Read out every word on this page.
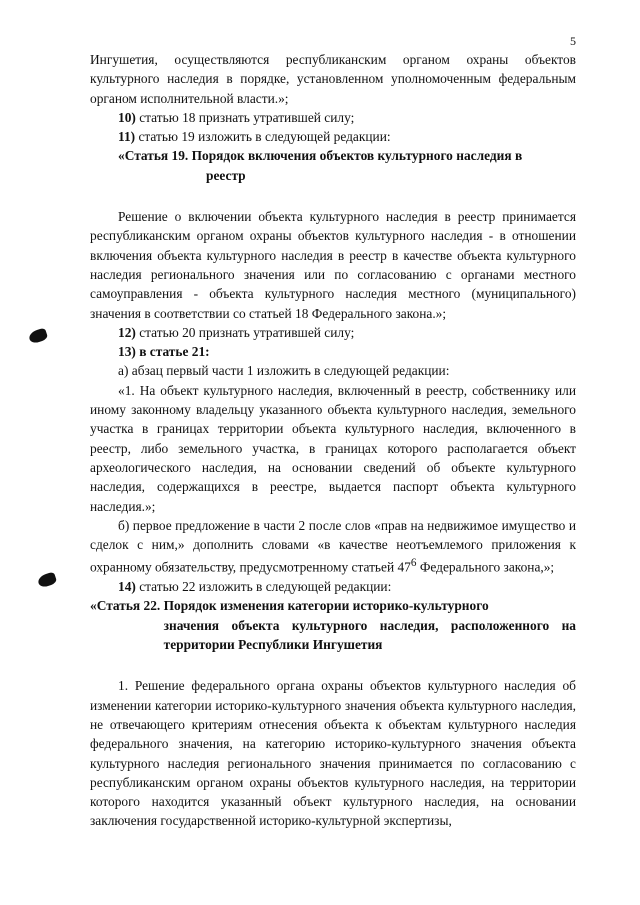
5

Ингушетия, осуществляются республиканским органом охраны объектов культурного наследия в порядке, установленном уполномоченным федеральным органом исполнительной власти.»;

10) статью 18 признать утратившей силу;

11) статью 19 изложить в следующей редакции:

«Статья 19. Порядок включения объектов культурного наследия в
реестр

Решение о включении объекта культурного наследия в реестр принимается республиканским органом охраны объектов культурного наследия - в отношении включения объекта культурного наследия в реестр в качестве объекта культурного наследия регионального значения или по согласованию с органами местного самоуправления - объекта культурного наследия местного (муниципального) значения в соответствии со статьей 18 Федерального закона.»;

12) статью 20 признать утратившей силу;

13) в статье 21:

а) абзац первый части 1 изложить в следующей редакции:

«1. На объект культурного наследия, включенный в реестр, собственнику или иному законному владельцу указанного объекта культурного наследия, земельного участка в границах территории объекта культурного наследия, включенного в реестр, либо земельного участка, в границах которого располагается объект археологического наследия, на основании сведений об объекте культурного наследия, содержащихся в реестре, выдается паспорт объекта культурного наследия.»;

б) первое предложение в части 2 после слов «прав на недвижимое имущество и сделок с ним,» дополнить словами «в качестве неотъемлемого приложения к охранному обязательству, предусмотренному статьей $47^6$ Федерального закона,»;

14) статью 22 изложить в следующей редакции:

«Статья 22. Порядок изменения категории историко-культурного
значения объекта культурного наследия, расположенного на территории Республики Ингушетия

1. Решение федерального органа охраны объектов культурного наследия об изменении категории историко-культурного значения объекта культурного наследия, не отвечающего критериям отнесения объекта к объектам культурного наследия федерального значения, на категорию историко-культурного значения объекта культурного наследия регионального значения принимается по согласованию с республиканским органом охраны объектов культурного наследия, на территории которого находится указанный объект культурного наследия, на основании заключения государственной историко-культурной экспертизы,
